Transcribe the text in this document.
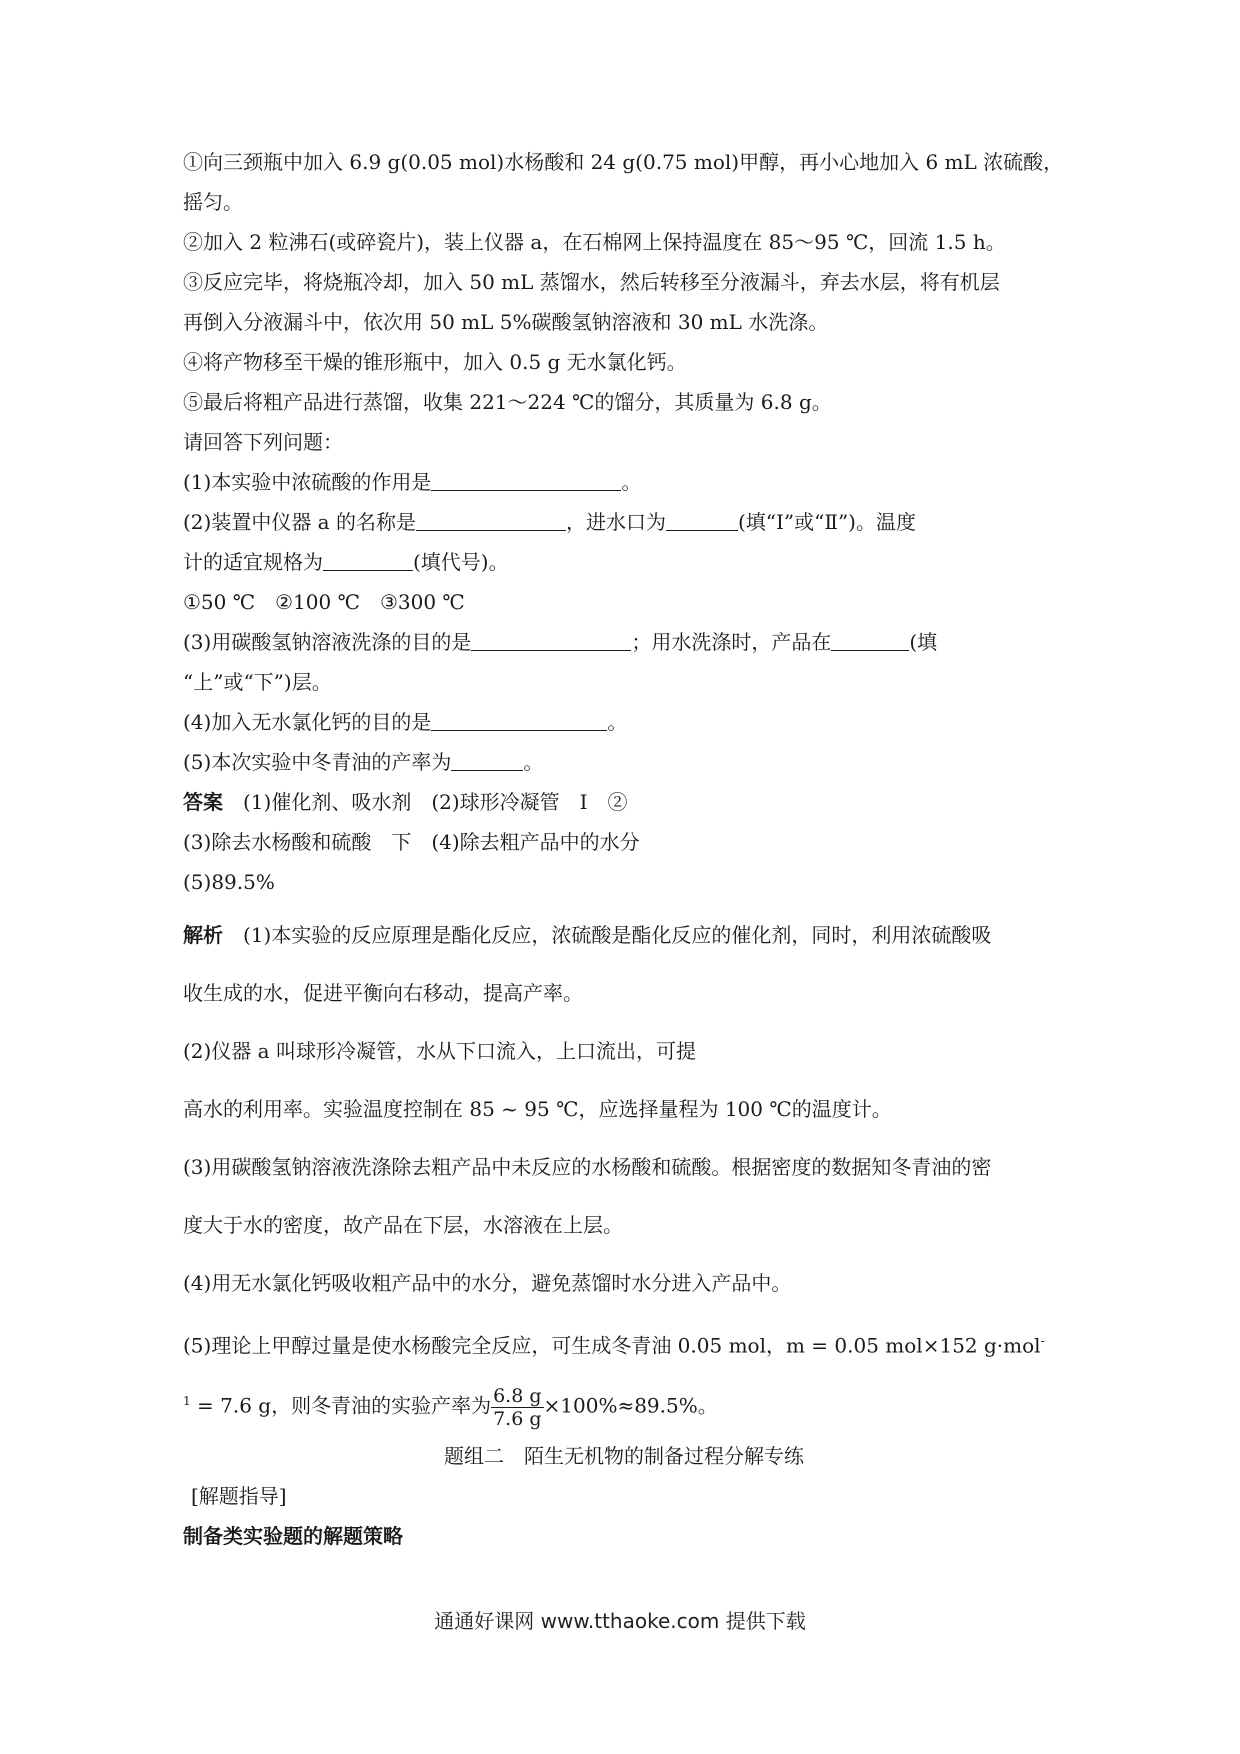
①向三颈瓶中加入 6.9 g(0.05 mol)水杨酸和 24 g(0.75 mol)甲醇，再小心地加入 6 mL 浓硫酸，
摇匀。
②加入 2 粒沸石(或碎瓷片)，装上仪器 a，在石棉网上保持温度在 85～95 ℃，回流 1.5 h。
③反应完毕，将烧瓶冷却，加入 50 mL 蒸馏水，然后转移至分液漏斗，弃去水层，将有机层
再倒入分液漏斗中，依次用 50 mL 5%碳酸氢钠溶液和 30 mL 水洗涤。
④将产物移至干燥的锥形瓶中，加入 0.5 g 无水氯化钙。
⑤最后将粗产品进行蒸馏，收集 221～224 ℃的馏分，其质量为 6.8 g。
请回答下列问题：
(1)本实验中浓硫酸的作用是	。
(2)装置中仪器 a 的名称是	，进水口为	(填“Ⅰ”或“Ⅱ”)。温度
计的适宜规格为	(填代号)。
①50 ℃　②100 ℃　③300 ℃
(3)用碳酸氢钠溶液洗涤的目的是	；用水洗涤时，产品在	(填
“上”或“下”)层。
(4)加入无水氯化钙的目的是	。
(5)本次实验中冬青油的产率为	。
答案　(1)催化剂、吸水剂　(2)球形冷凝管　Ⅰ　②
(3)除去水杨酸和硫酸　下　(4)除去粗产品中的水分
(5)89.5%
解析　(1)本实验的反应原理是酯化反应，浓硫酸是酯化反应的催化剂，同时，利用浓硫酸吸
收生成的水，促进平衡向右移动，提高产率。
(2)仪器 a 叫球形冷凝管，水从下口流入，上口流出，可提
高水的利用率。实验温度控制在 85 ~ 95 ℃，应选择量程为 100 ℃的温度计。
(3)用碳酸氢钠溶液洗涤除去粗产品中未反应的水杨酸和硫酸。根据密度的数据知冬青油的密
度大于水的密度，故产品在下层，水溶液在上层。
(4)用无水氯化钙吸收粗产品中的水分，避免蒸馏时水分进入产品中。
(5)理论上甲醇过量是使水杨酸完全反应，可生成冬青油 0.05 mol，m = 0.05 mol×152 g·mol-
$^1$ = 7.6 g，则冬青油的实验产率为 $\frac{6.8 g}{7.6 g} \times 100\%\approx 89.5\%$。
题组二　陌生无机物的制备过程分解专练
[解题指导]
制备类实验题的解题策略
通通好课网 www.tthaoke.com 提供下载
